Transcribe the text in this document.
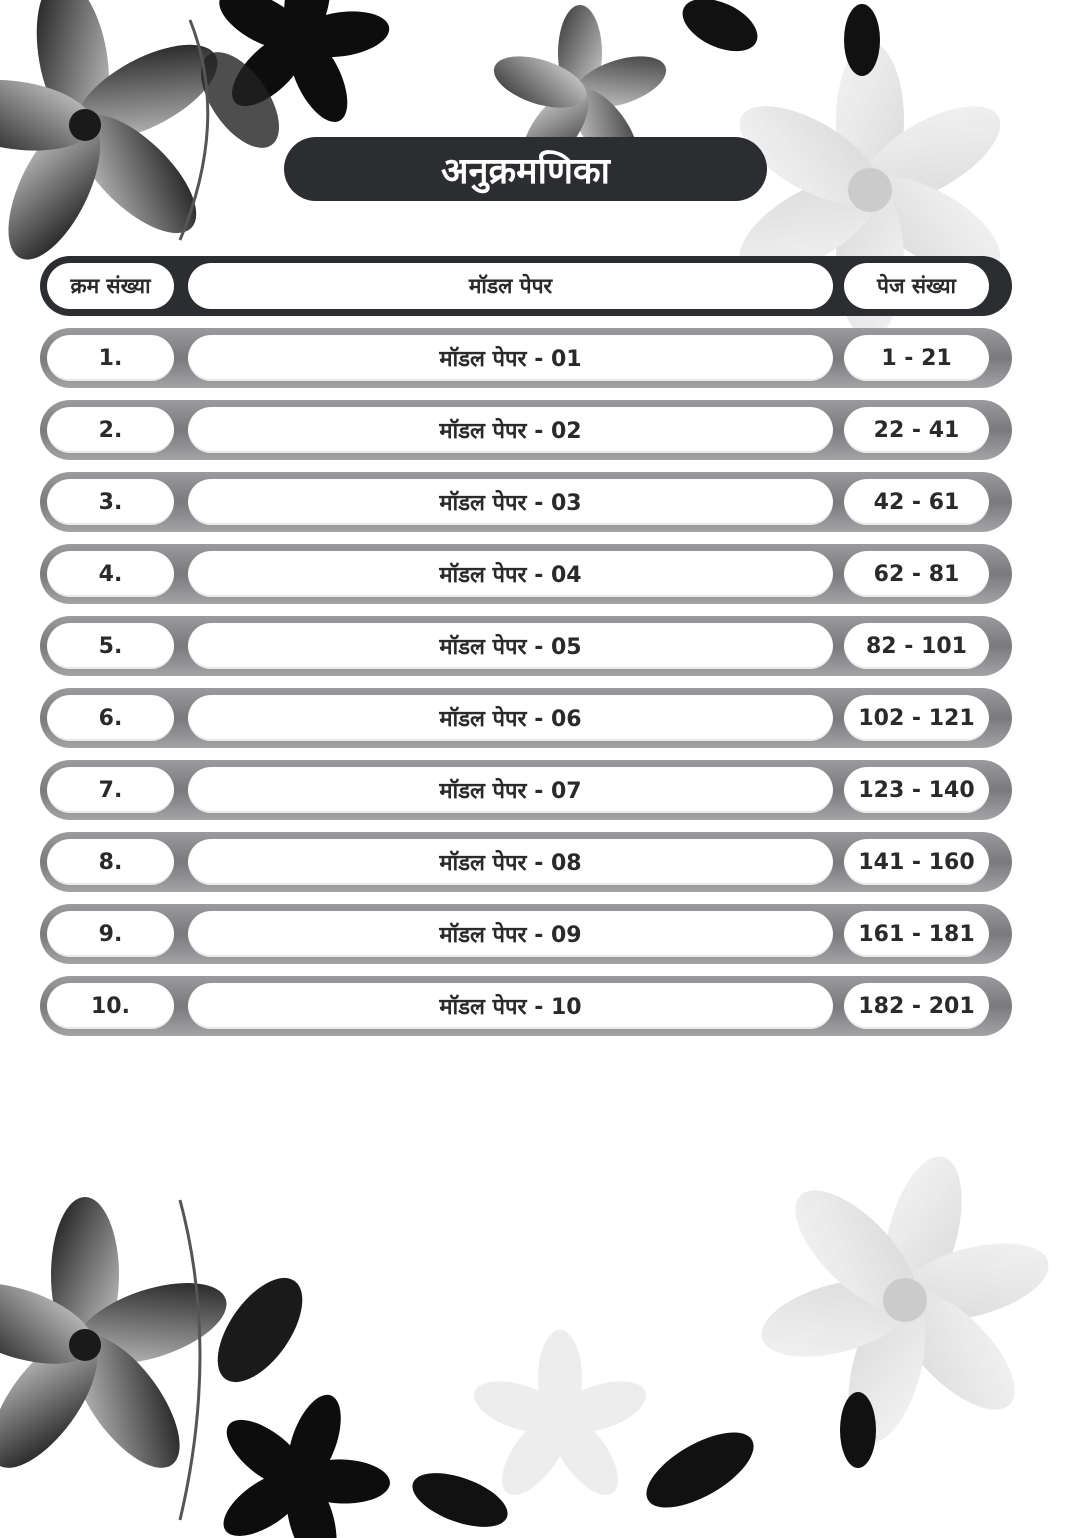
अनुक्रमणिका
क्रम संख्या	मॉडल पेपर	पेज संख्या
1.	मॉडल पेपर - 01	1 - 21
2.	मॉडल पेपर - 02	22 - 41
3.	मॉडल पेपर - 03	42 - 61
4.	मॉडल पेपर - 04	62 - 81
5.	मॉडल पेपर - 05	82 - 101
6.	मॉडल पेपर - 06	102 - 121
7.	मॉडल पेपर - 07	123 - 140
8.	मॉडल पेपर - 08	141 - 160
9.	मॉडल पेपर - 09	161 - 181
10.	मॉडल पेपर - 10	182 - 201
